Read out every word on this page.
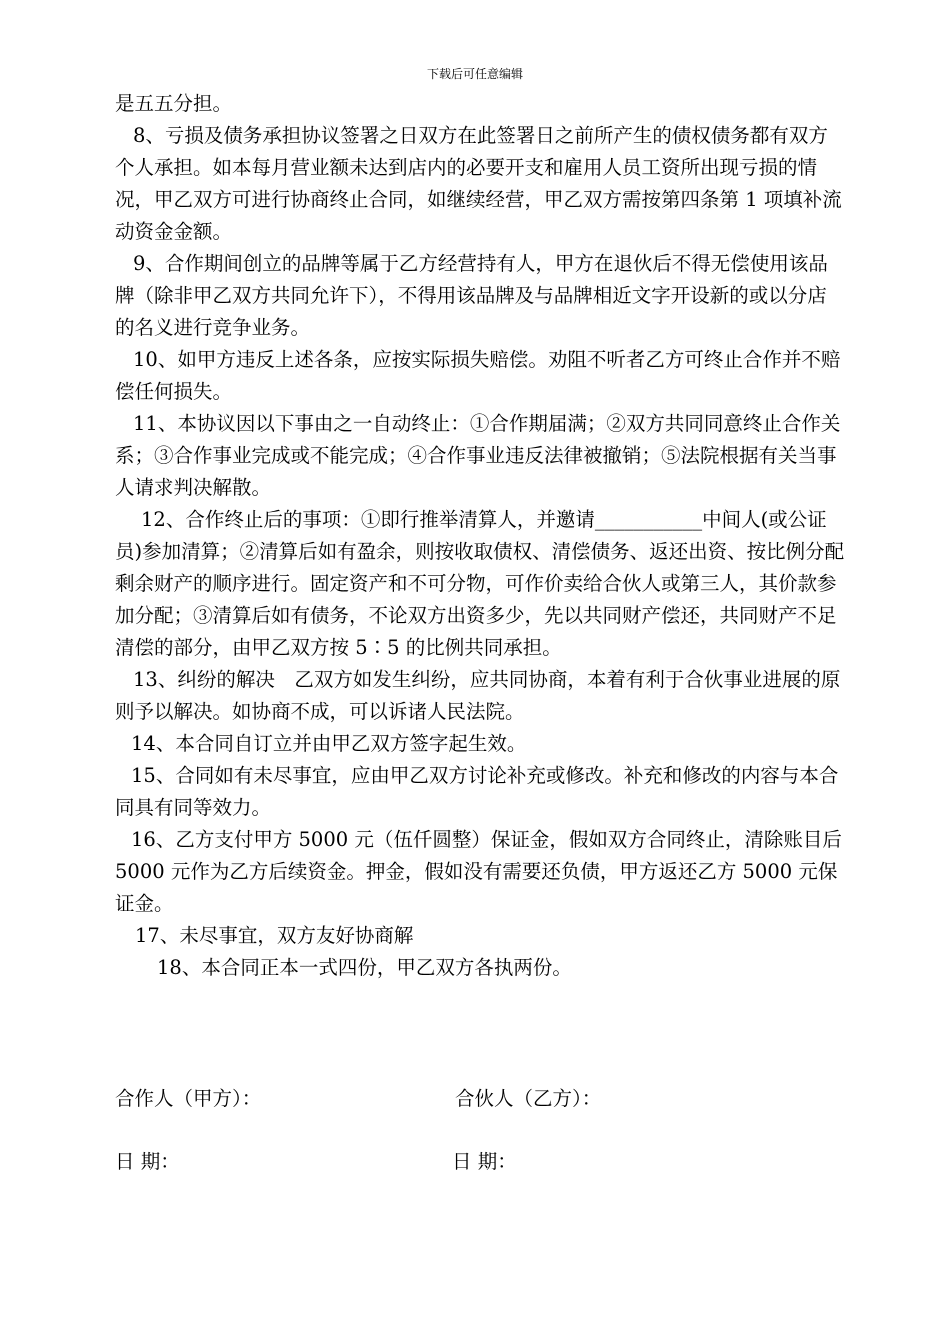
下载后可任意编辑

是五五分担。

8、亏损及债务承担协议签署之日双方在此签署日之前所产生的债权债务都有双方个人承担。如本每月营业额未达到店内的必要开支和雇用人员工资所出现亏损的情况，甲乙双方可进行协商终止合同，如继续经营，甲乙双方需按第四条第 1 项填补流动资金金额。

9、合作期间创立的品牌等属于乙方经营持有人，甲方在退伙后不得无偿使用该品牌（除非甲乙双方共同允许下），不得用该品牌及与品牌相近文字开设新的或以分店的名义进行竞争业务。

10、如甲方违反上述各条，应按实际损失赔偿。劝阻不听者乙方可终止合作并不赔偿任何损失。

11、本协议因以下事由之一自动终止：①合作期届满；②双方共同同意终止合作关系；③合作事业完成或不能完成；④合作事业违反法律被撤销；⑤法院根据有关当事人请求判决解散。

12、合作终止后的事项：①即行推举清算人，并邀请___________中间人(或公证员)参加清算；②清算后如有盈余，则按收取债权、清偿债务、返还出资、按比例分配剩余财产的顺序进行。固定资产和不可分物，可作价卖给合伙人或第三人，其价款参加分配；③清算后如有债务，不论双方出资多少，先以共同财产偿还，共同财产不足清偿的部分，由甲乙双方按 5∶5 的比例共同承担。

13、纠纷的解决　乙双方如发生纠纷，应共同协商，本着有利于合伙事业进展的原则予以解决。如协商不成，可以诉诸人民法院。

14、本合同自订立并由甲乙双方签字起生效。

15、合同如有未尽事宜，应由甲乙双方讨论补充或修改。补充和修改的内容与本合同具有同等效力。

16、乙方支付甲方 5000 元（伍仟圆整）保证金，假如双方合同终止，清除账目后 5000 元作为乙方后续资金。押金，假如没有需要还负债，甲方返还乙方 5000 元保证金。

17、未尽事宜，双方友好协商解

18、本合同正本一式四份，甲乙双方各执两份。

合作人（甲方）：	合伙人（乙方）：
日 期：	日 期：
